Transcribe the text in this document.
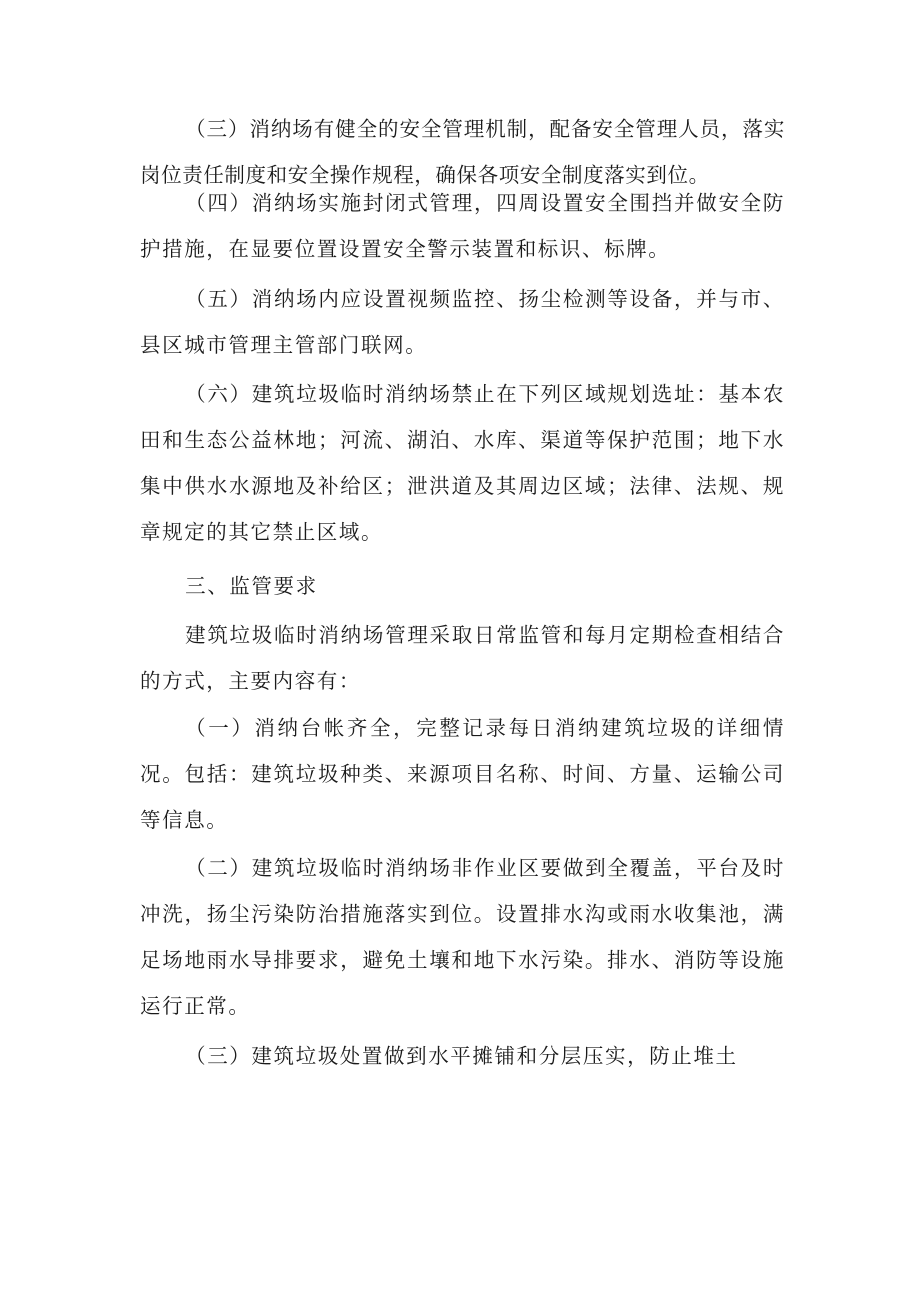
（三）消纳场有健全的安全管理机制，配备安全管理人员，落实岗位责任制度和安全操作规程，确保各项安全制度落实到位。

（四）消纳场实施封闭式管理，四周设置安全围挡并做安全防护措施，在显要位置设置安全警示装置和标识、标牌。

（五）消纳场内应设置视频监控、扬尘检测等设备，并与市、县区城市管理主管部门联网。

（六）建筑垃圾临时消纳场禁止在下列区域规划选址：基本农田和生态公益林地；河流、湖泊、水库、渠道等保护范围；地下水集中供水水源地及补给区；泄洪道及其周边区域；法律、法规、规章规定的其它禁止区域。

三、监管要求

建筑垃圾临时消纳场管理采取日常监管和每月定期检查相结合的方式，主要内容有：

（一）消纳台帐齐全，完整记录每日消纳建筑垃圾的详细情况。包括：建筑垃圾种类、来源项目名称、时间、方量、运输公司等信息。

（二）建筑垃圾临时消纳场非作业区要做到全覆盖，平台及时冲洗，扬尘污染防治措施落实到位。设置排水沟或雨水收集池，满足场地雨水导排要求，避免土壤和地下水污染。排水、消防等设施运行正常。

（三）建筑垃圾处置做到水平摊铺和分层压实，防止堆土
